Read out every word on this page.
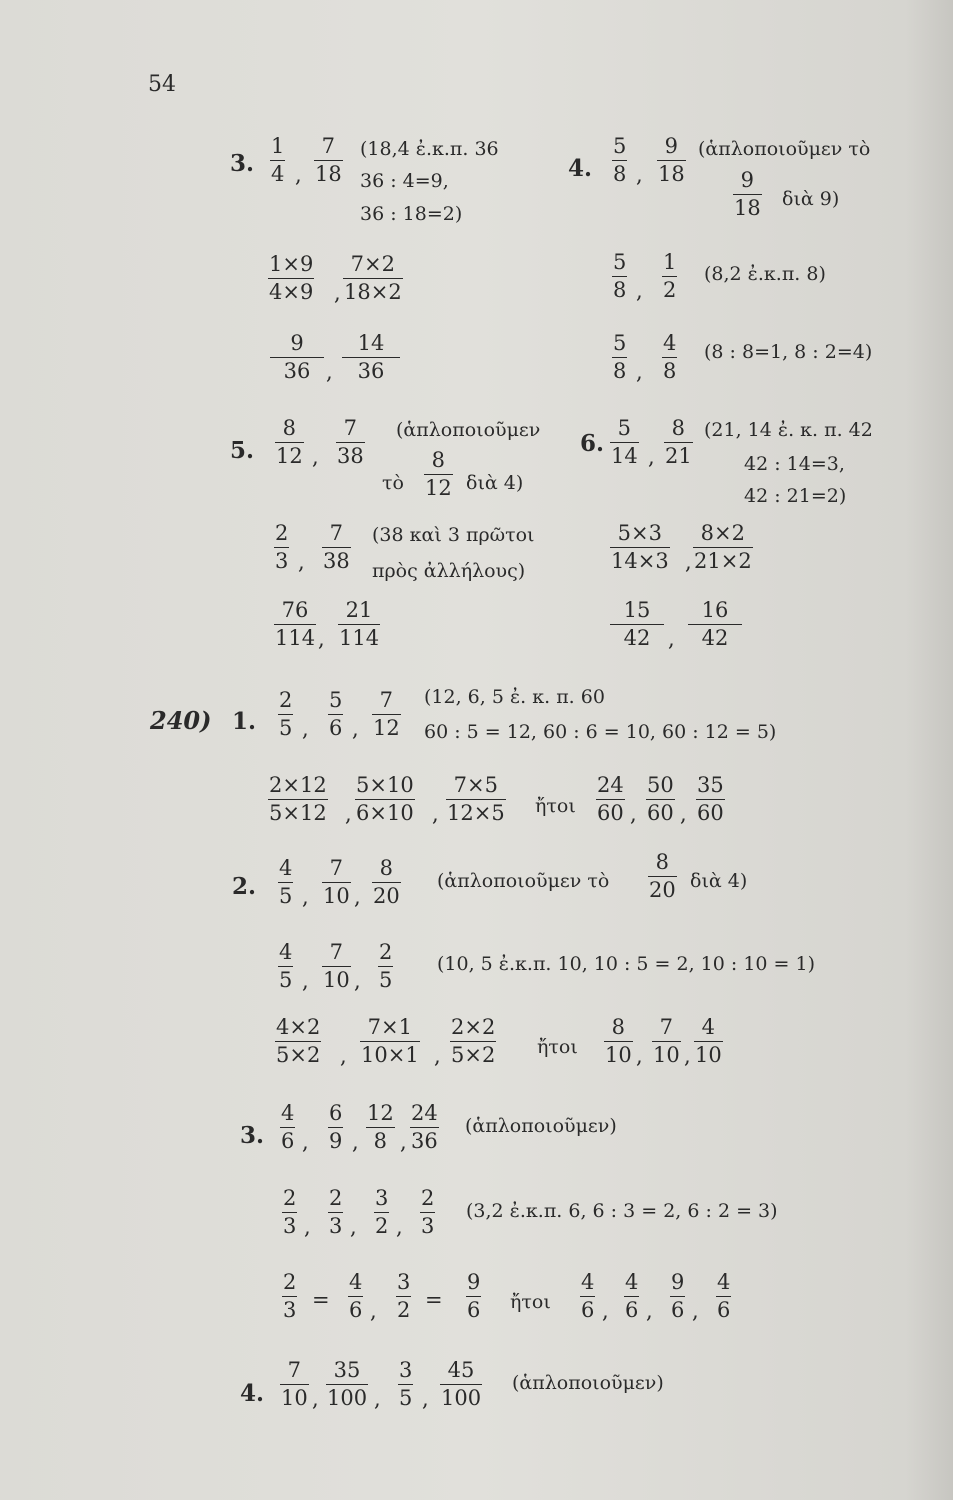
54
3.
1
4 ,
7
18
(18,4 ἐ.κ.π. 36
36 : 4=9,
36 : 18=2)
1×9
4×9 ,
7×2
18×2
9
36 ,
14
36
4.
5
8 ,
9
18
(ἁπλοποιοῦμεν τὸ
9
18 διὰ 9)
5
8 ,
1
2
(8,2 ἐ.κ.π. 8)
5
8 ,
4
8
(8 : 8=1, 8 : 2=4)
5.
8
12 ,
7
38
(ἁπλοποιοῦμεν
τὸ
8
12 διὰ 4)
2
3 ,
7
38
(38 καὶ 3 πρῶτοι
πρὸς ἀλλήλους)
76
114 ,
21
114
6.
5
14 ,
8
21
(21, 14 ἐ. κ. π. 42
42 : 14=3,
42 : 21=2)
5×3
14×3 ,
8×2
21×2
15
42 ,
16
42
240) 1.
2
5 ,
5
6 ,
7
12
(12, 6, 5 ἐ. κ. π. 60
60 : 5 = 12, 60 : 6 = 10, 60 : 12 = 5)
2×12
5×12 ,
5×10
6×10 ,
7×5
12×5 ἤτοι
24
60 ,
50
60 ,
35
60
2.
4
5 ,
7
10 ,
8
20
(ἁπλοποιοῦμεν τὸ
8
20 διὰ 4)
4
5 ,
7
10 ,
2
5
(10, 5 ἐ.κ.π. 10, 10 : 5 = 2, 10 : 10 = 1)
4×2
5×2 ,
7×1
10×1 ,
2×2
5×2 ἤτοι
8
10 ,
7
10 ,
4
10
3.
4
6 ,
6
9 ,
12
8 ,
24
36
(ἁπλοποιοῦμεν)
2
3 ,
2
3 ,
3
2 ,
2
3
(3,2 ἐ.κ.π. 6, 6 : 3 = 2, 6 : 2 = 3)
2
3 =
4
6 ,
3
2 =
9
6 ἤτοι
4
6 ,
4
6 ,
9
6 ,
4
6
4.
7
10 ,
35
100 ,
3
5 ,
45
100
(ἁπλοποιοῦμεν)
